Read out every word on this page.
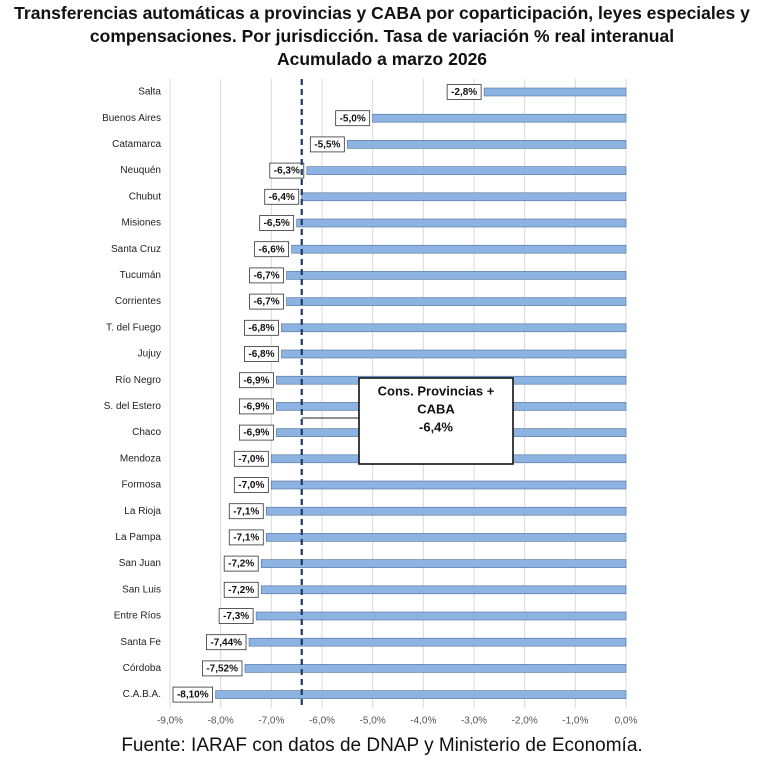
Transferencias automáticas a provincias y CABA por coparticipación, leyes especiales y
compensaciones. Por jurisdicción. Tasa de variación % real interanual
Acumulado a marzo 2026
-9,0% -8,0% -7,0% -6,0% -5,0% -4,0% -3,0% -2,0% -1,0%	0,0%
Salta	-2,8%
Buenos Aires	-5,0%
Catamarca	-5,5%
Neuquén	-6,3%
Chubut	-6,4%
Misiones	-6,5%
Santa Cruz	-6,6%
Tucumán	-6,7%
Corrientes	-6,7%
T. del Fuego	-6,8%
Jujuy	-6,8%
Río Negro	-6,9%
S. del Estero	-6,9%
Chaco	-6,9%
Mendoza	-7,0%
Formosa	-7,0%
La Rioja	-7,1%
La Pampa	-7,1%
San Juan	-7,2%
San Luis	-7,2%
Entre Ríos	-7,3%
Santa Fe	-7,44%
Córdoba	-7,52%
C.A.B.A. -8,10%
Cons. Provincias +
CABA
-6,4%
Fuente: IARAF con datos de DNAP y Ministerio de Economía.
